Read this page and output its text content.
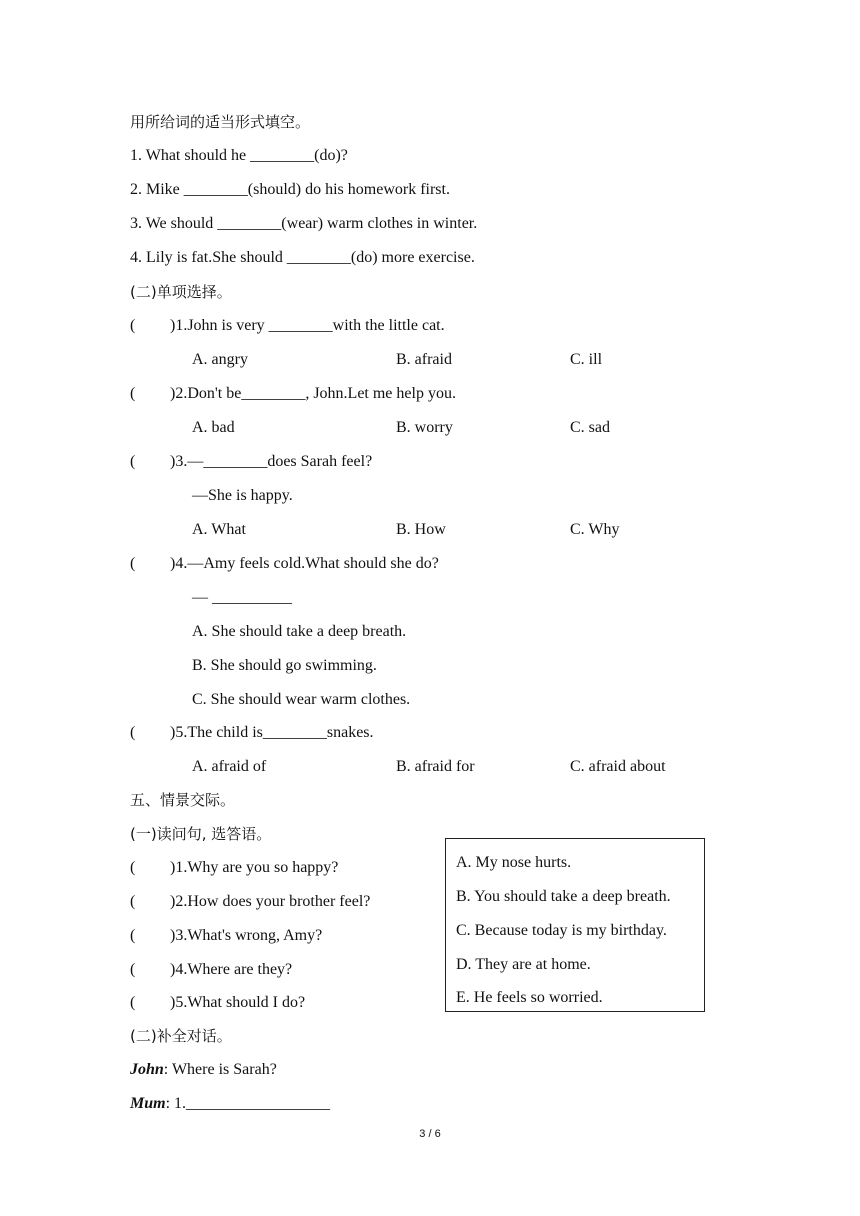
用所给词的适当形式填空。
1. What should he ________(do)?
2. Mike ________(should) do his homework first.
3. We should ________(wear) warm clothes in winter.
4. Lily is fat.She should ________(do) more exercise.
(二)单项选择。
( )1.John is very ________with the little cat.
A. angry	B. afraid	C. ill
( )2.Don't be________, John.Let me help you.
A. bad	B. worry	C. sad
( )3.—________does Sarah feel?
—She is happy.
A. What	B. How	C. Why
( )4.—Amy feels cold.What should she do?
— __________
A. She should take a deep breath.
B. She should go swimming.
C. She should wear warm clothes.
( )5.The child is________snakes.
A. afraid of	B. afraid for	C. afraid about
五、情景交际。
(一)读问句, 选答语。
( )1.Why are you so happy?
( )2.How does your brother feel?
( )3.What's wrong, Amy?
( )4.Where are they?
( )5.What should I do?
A. My nose hurts.
B. You should take a deep breath.
C. Because today is my birthday.
D. They are at home.
E. He feels so worried.
(二)补全对话。
John: Where is Sarah?
Mum: 1.__________________
3 / 6
